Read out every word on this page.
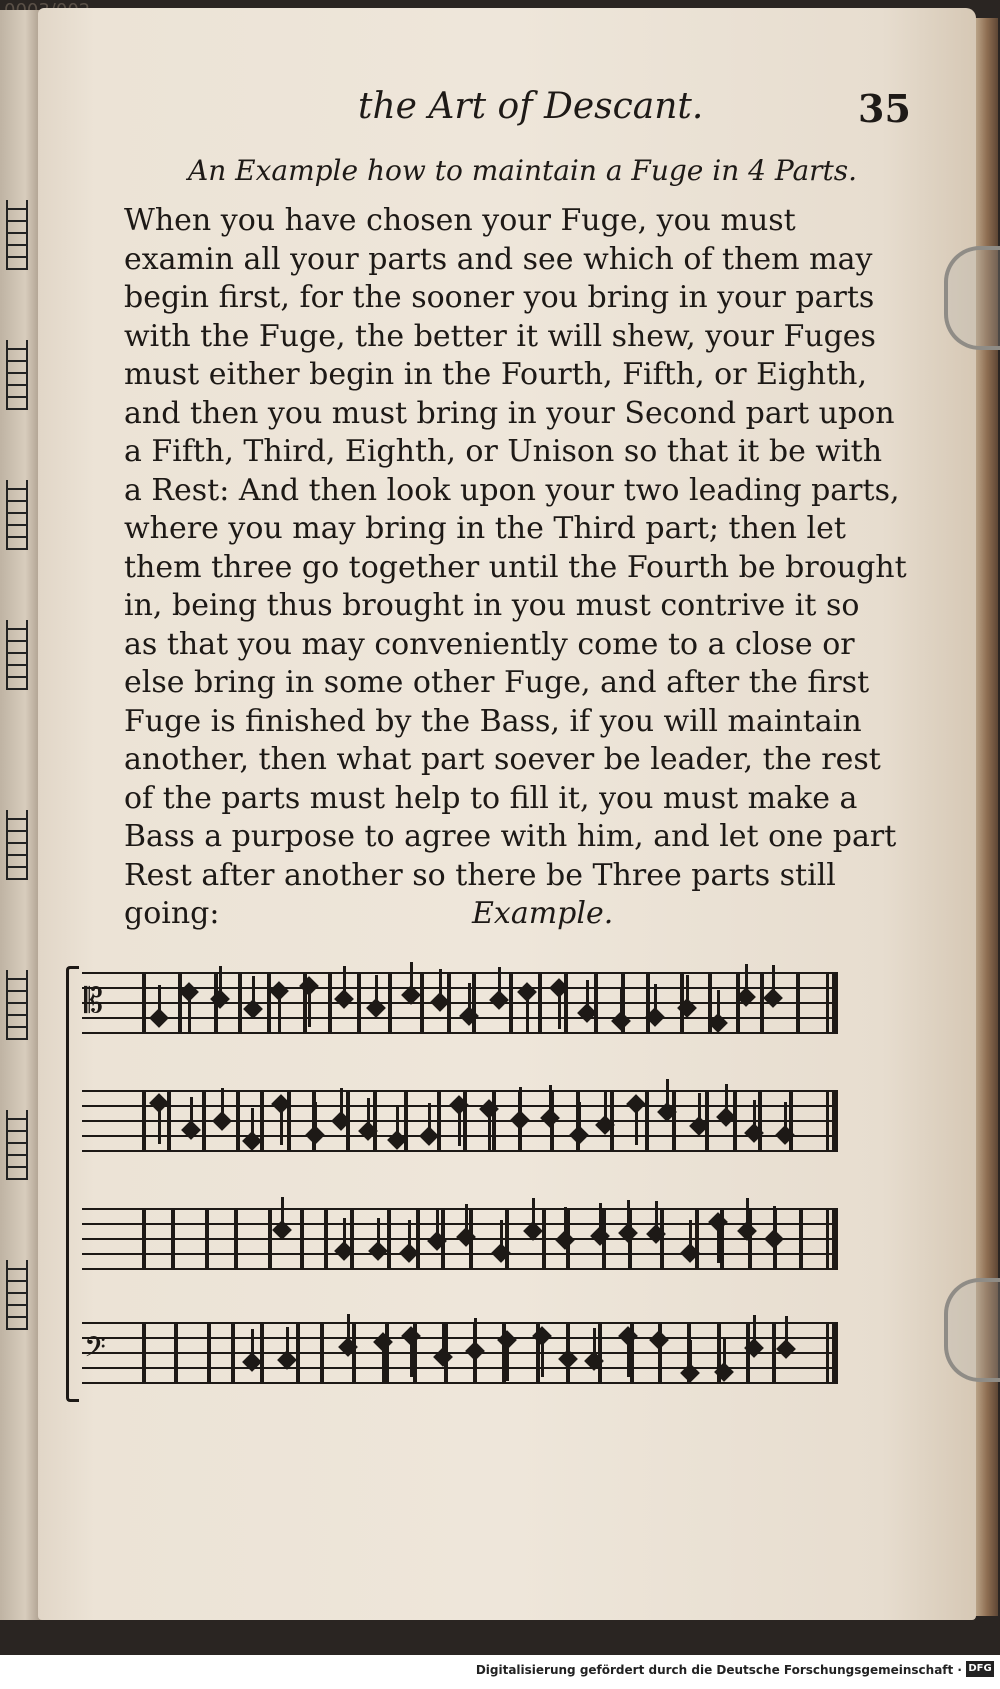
the Art of Descant.	35
An Example how to maintain a Fuge in 4 Parts.
When you have chosen your Fuge, you must
examin all your parts and see which of them may
begin first, for the sooner you bring in your parts
with the Fuge, the better it will shew, your Fuges
must either begin in the Fourth, Fifth, or Eighth,
and then you must bring in your Second part upon
a Fifth, Third, Eighth, or Unison so that it be with
a Rest: And then look upon your two leading parts,
where you may bring in the Third part; then let
them three go together until the Fourth be brought
in, being thus brought in you must contrive it so
as that you may conveniently come to a close or
else bring in some other Fuge, and after the first
Fuge is finished by the Bass, if you will maintain
another, then what part soever be leader, the rest
of the parts must help to fill it, you must make a
Bass a purpose to agree with him, and let one part
Rest after another so there be Three parts still
going:	Example.
𝄡
𝄢
Digitalisierung gefördert durch die Deutsche Forschungsgemeinschaft · DFG
